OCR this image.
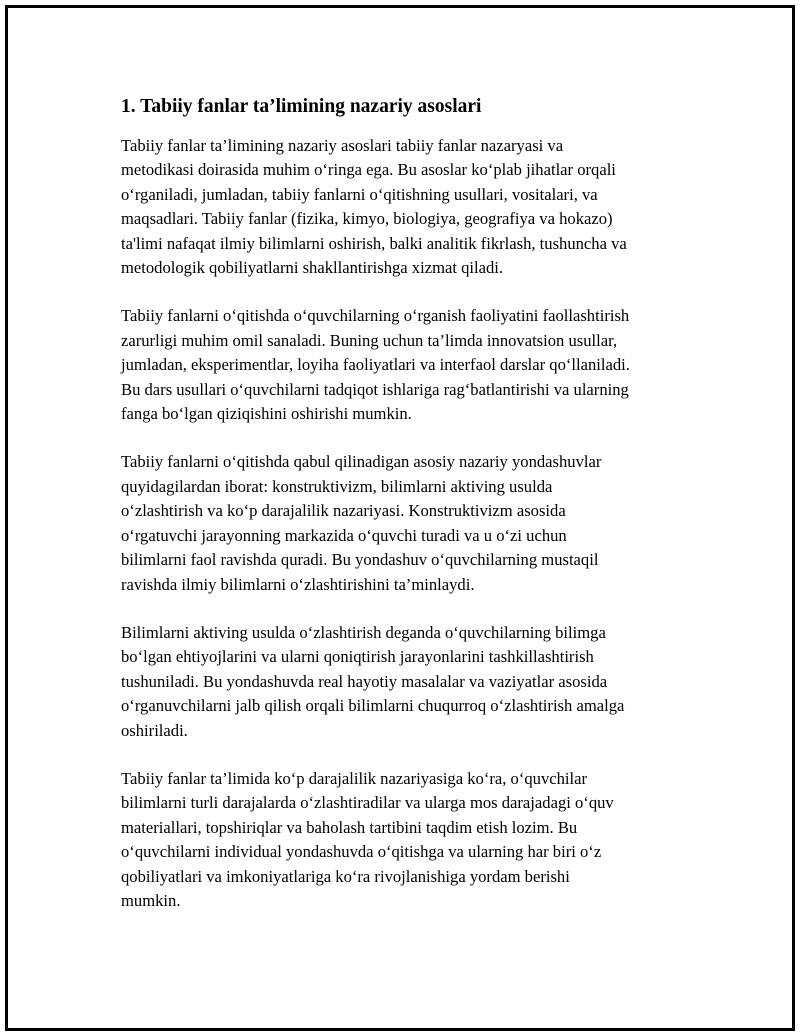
1. Tabiiy fanlar ta’limining nazariy asoslari

Tabiiy fanlar ta’limining nazariy asoslari tabiiy fanlar nazaryasi va
metodikasi doirasida muhim o‘ringa ega. Bu asoslar ko‘plab jihatlar orqali
o‘rganiladi, jumladan, tabiiy fanlarni o‘qitishning usullari, vositalari, va
maqsadlari. Tabiiy fanlar (fizika, kimyo, biologiya, geografiya va hokazo)
ta'limi nafaqat ilmiy bilimlarni oshirish, balki analitik fikrlash, tushuncha va
metodologik qobiliyatlarni shakllantirishga xizmat qiladi.

Tabiiy fanlarni o‘qitishda o‘quvchilarning o‘rganish faoliyatini faollashtirish
zarurligi muhim omil sanaladi. Buning uchun ta’limda innovatsion usullar,
jumladan, eksperimentlar, loyiha faoliyatlari va interfaol darslar qo‘llaniladi.
Bu dars usullari o‘quvchilarni tadqiqot ishlariga rag‘batlantirishi va ularning
fanga bo‘lgan qiziqishini oshirishi mumkin.

Tabiiy fanlarni o‘qitishda qabul qilinadigan asosiy nazariy yondashuvlar
quyidagilardan iborat: konstruktivizm, bilimlarni aktiving usulda
o‘zlashtirish va ko‘p darajalilik nazariyasi. Konstruktivizm asosida
o‘rgatuvchi jarayonning markazida o‘quvchi turadi va u o‘zi uchun
bilimlarni faol ravishda quradi. Bu yondashuv o‘quvchilarning mustaqil
ravishda ilmiy bilimlarni o‘zlashtirishini ta’minlaydi.

Bilimlarni aktiving usulda o‘zlashtirish deganda o‘quvchilarning bilimga
bo‘lgan ehtiyojlarini va ularni qoniqtirish jarayonlarini tashkillashtirish
tushuniladi. Bu yondashuvda real hayotiy masalalar va vaziyatlar asosida
o‘rganuvchilarni jalb qilish orqali bilimlarni chuqurroq o‘zlashtirish amalga
oshiriladi.

Tabiiy fanlar ta’limida ko‘p darajalilik nazariyasiga ko‘ra, o‘quvchilar
bilimlarni turli darajalarda o‘zlashtiradilar va ularga mos darajadagi o‘quv
materiallari, topshiriqlar va baholash tartibini taqdim etish lozim. Bu
o‘quvchilarni individual yondashuvda o‘qitishga va ularning har biri o‘z
qobiliyatlari va imkoniyatlariga ko‘ra rivojlanishiga yordam berishi
mumkin.
